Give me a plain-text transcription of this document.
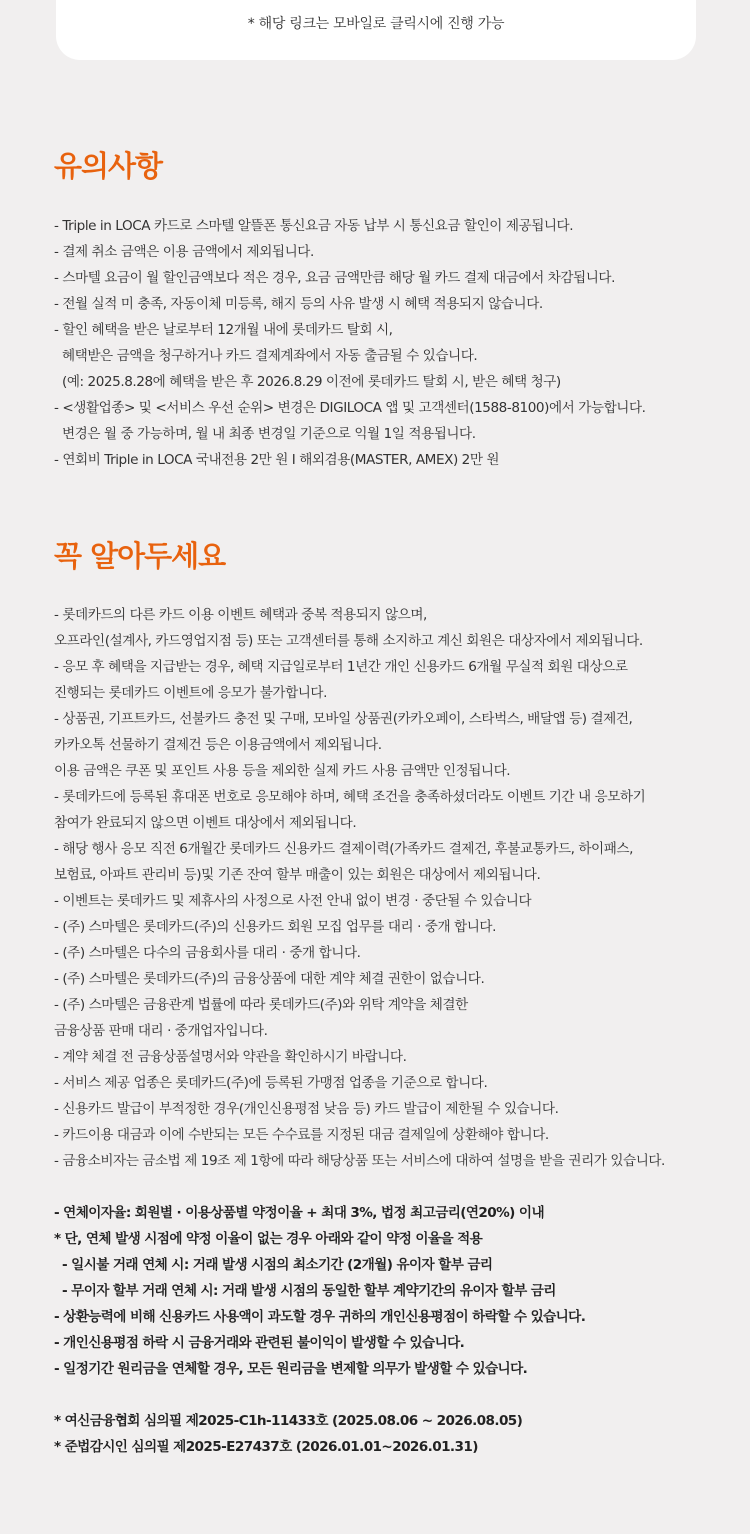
* 해당 링크는 모바일로 클릭시에 진행 가능
유의사항
- Triple in LOCA 카드로 스마텔 알뜰폰 통신요금 자동 납부 시 통신요금 할인이 제공됩니다.
- 결제 취소 금액은 이용 금액에서 제외됩니다.
- 스마텔 요금이 월 할인금액보다 적은 경우, 요금 금액만큼 해당 월 카드 결제 대금에서 차감됩니다.
- 전월 실적 미 충족, 자동이체 미등록, 해지 등의 사유 발생 시 혜택 적용되지 않습니다.
- 할인 혜택을 받은 날로부터 12개월 내에 롯데카드 탈회 시,
혜택받은 금액을 청구하거나 카드 결제계좌에서 자동 출금될 수 있습니다.
(예: 2025.8.28에 혜택을 받은 후 2026.8.29 이전에 롯데카드 탈회 시, 받은 혜택 청구)
- <생활업종> 및 <서비스 우선 순위> 변경은 DIGILOCA 앱 및 고객센터(1588-8100)에서 가능합니다.
변경은 월 중 가능하며, 월 내 최종 변경일 기준으로 익월 1일 적용됩니다.
- 연회비 Triple in LOCA 국내전용 2만 원 I 해외겸용(MASTER, AMEX) 2만 원
꼭 알아두세요
- 롯데카드의 다른 카드 이용 이벤트 혜택과 중복 적용되지 않으며,
오프라인(설계사, 카드영업지점 등) 또는 고객센터를 통해 소지하고 계신 회원은 대상자에서 제외됩니다.
- 응모 후 혜택을 지급받는 경우, 혜택 지급일로부터 1년간 개인 신용카드 6개월 무실적 회원 대상으로
진행되는 롯데카드 이벤트에 응모가 불가합니다.
- 상품권, 기프트카드, 선불카드 충전 및 구매, 모바일 상품권(카카오페이, 스타벅스, 배달앱 등) 결제건,
카카오톡 선물하기 결제건 등은 이용금액에서 제외됩니다.
이용 금액은 쿠폰 및 포인트 사용 등을 제외한 실제 카드 사용 금액만 인정됩니다.
- 롯데카드에 등록된 휴대폰 번호로 응모해야 하며, 혜택 조건을 충족하셨더라도 이벤트 기간 내 응모하기
참여가 완료되지 않으면 이벤트 대상에서 제외됩니다.
- 해당 행사 응모 직전 6개월간 롯데카드 신용카드 결제이력(가족카드 결제건, 후불교통카드, 하이패스,
보험료, 아파트 관리비 등)및 기존 잔여 할부 매출이 있는 회원은 대상에서 제외됩니다.
- 이벤트는 롯데카드 및 제휴사의 사정으로 사전 안내 없이 변경 · 중단될 수 있습니다
- (주) 스마텔은 롯데카드(주)의 신용카드 회원 모집 업무를 대리 · 중개 합니다.
- (주) 스마텔은 다수의 금융회사를 대리 · 중개 합니다.
- (주) 스마텔은 롯데카드(주)의 금융상품에 대한 계약 체결 권한이 없습니다.
- (주) 스마텔은 금융관계 법률에 따라 롯데카드(주)와 위탁 계약을 체결한
금융상품 판매 대리 · 중개업자입니다.
- 계약 체결 전 금융상품설명서와 약관을 확인하시기 바랍니다.
- 서비스 제공 업종은 롯데카드(주)에 등록된 가맹점 업종을 기준으로 합니다.
- 신용카드 발급이 부적정한 경우(개인신용평점 낮음 등) 카드 발급이 제한될 수 있습니다.
- 카드이용 대금과 이에 수반되는 모든 수수료를 지정된 대금 결제일에 상환해야 합니다.
- 금융소비자는 금소법 제 19조 제 1항에 따라 해당상품 또는 서비스에 대하여 설명을 받을 권리가 있습니다.
- 연체이자율: 회원별 · 이용상품별 약정이율 + 최대 3%, 법정 최고금리(연20%) 이내
* 단, 연체 발생 시점에 약정 이율이 없는 경우 아래와 같이 약정 이율을 적용
- 일시불 거래 연체 시: 거래 발생 시점의 최소기간 (2개월) 유이자 할부 금리
- 무이자 할부 거래 연체 시: 거래 발생 시점의 동일한 할부 계약기간의 유이자 할부 금리
- 상환능력에 비해 신용카드 사용액이 과도할 경우 귀하의 개인신용평점이 하락할 수 있습니다.
- 개인신용평점 하락 시 금융거래와 관련된 불이익이 발생할 수 있습니다.
- 일정기간 원리금을 연체할 경우, 모든 원리금을 변제할 의무가 발생할 수 있습니다.
* 여신금융협회 심의필 제2025-C1h-11433호 (2025.08.06 ~ 2026.08.05)
* 준법감시인 심의필 제2025-E27437호 (2026.01.01~2026.01.31)
